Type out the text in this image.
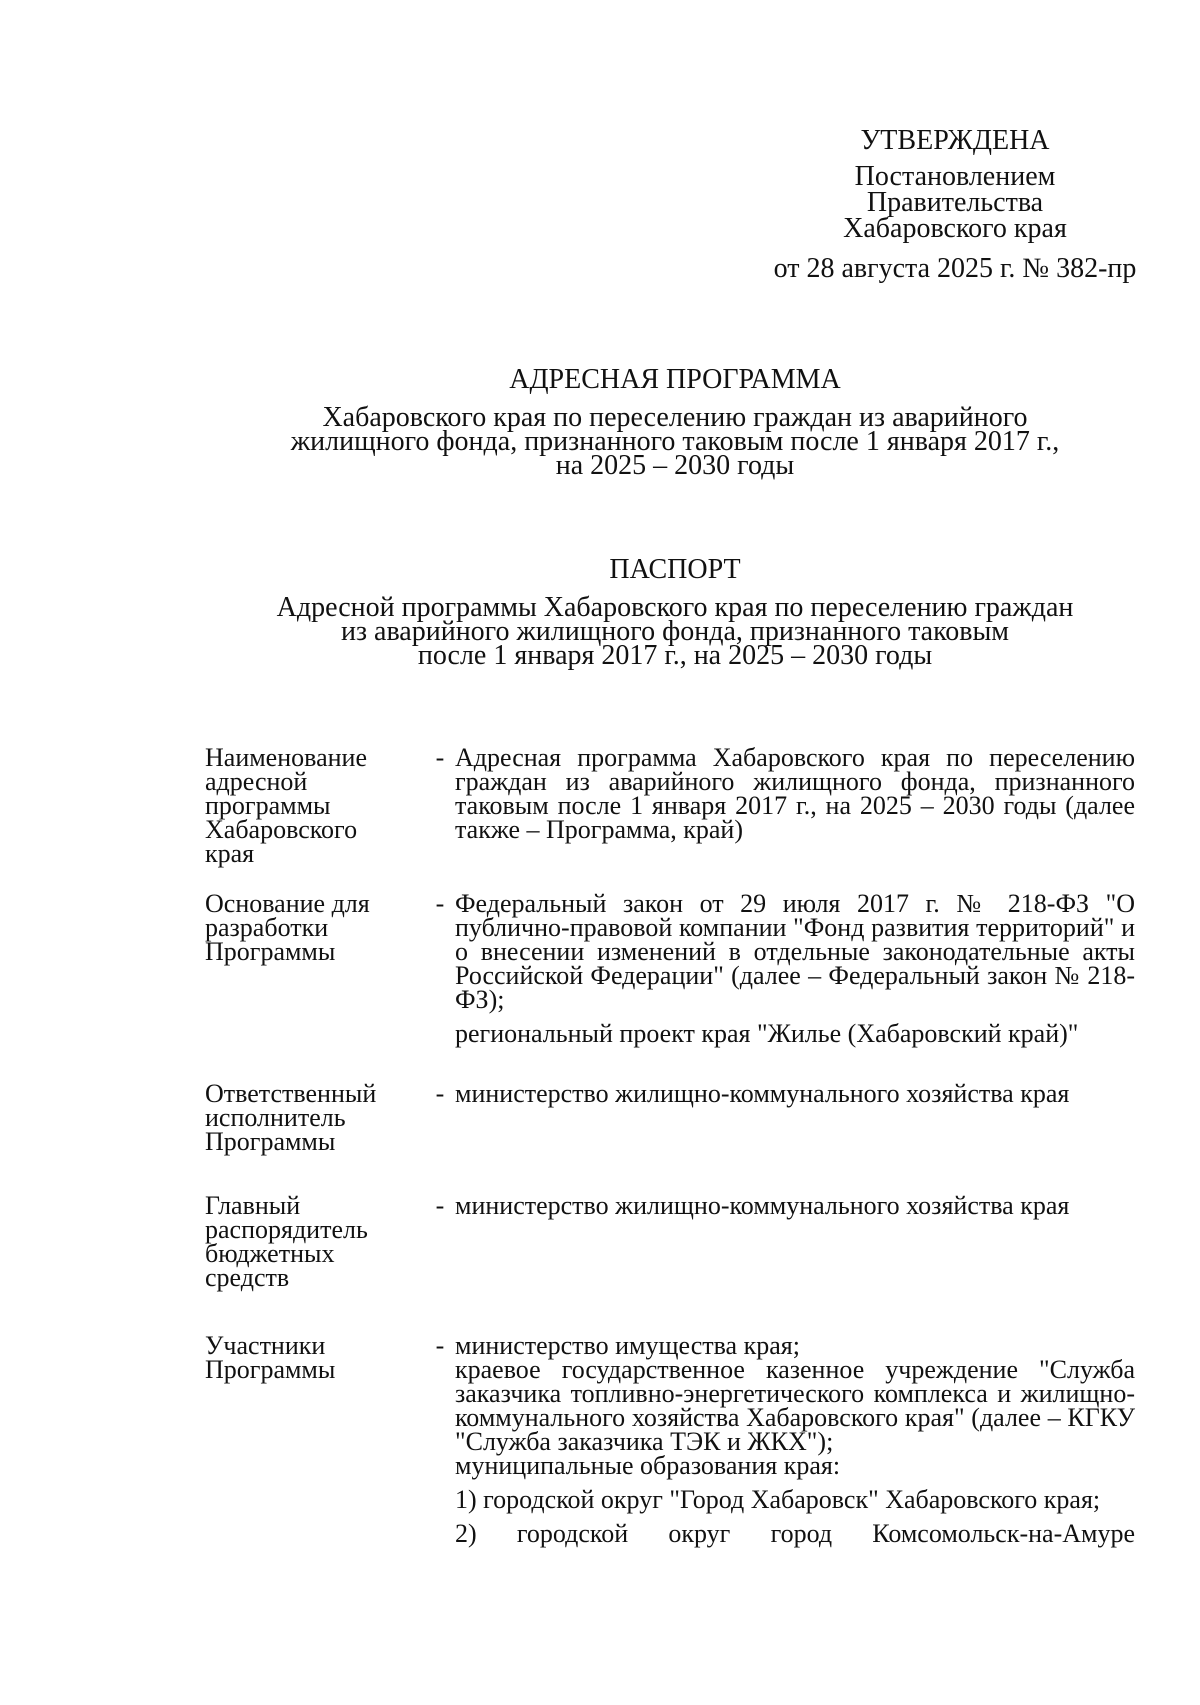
УТВЕРЖДЕНА
Постановлением
Правительства
Хабаровского края
от 28 августа 2025 г. № 382-пр
АДРЕСНАЯ ПРОГРАММА
Хабаровского края по переселению граждан из аварийного
жилищного фонда, признанного таковым после 1 января 2017 г.,
на 2025 – 2030 годы
ПАСПОРТ
Адресной программы Хабаровского края по переселению граждан
из аварийного жилищного фонда, признанного таковым
после 1 января 2017 г., на 2025 – 2030 годы
Наименование
адресной
программы
Хабаровского
края
- Адресная программа Хабаровского края по переселению граждан из аварийного жилищного фонда, признанного таковым после 1 января 2017 г., на 2025 – 2030 годы (далее также – Программа, край)

Основание для
разработки
Программы
- Федеральный закон от 29 июля 2017 г. № 218-ФЗ "О публично-правовой компании "Фонд развития территорий" и о внесении изменений в отдельные законодательные акты Российской Федерации" (далее – Федеральный закон № 218-ФЗ);

региональный проект края "Жилье (Хабаровский край)"

Ответственный
исполнитель
Программы
- министерство жилищно-коммунального хозяйства края

Главный
распорядитель
бюджетных
средств
- министерство жилищно-коммунального хозяйства края

Участники
Программы
- министерство имущества края;

краевое государственное казенное учреждение "Служба заказчика топливно-энергетического комплекса и жилищно-коммунального хозяйства Хабаровского края" (далее – КГКУ "Служба заказчика ТЭК и ЖКХ");

муниципальные образования края:

1) городской округ "Город Хабаровск" Хабаровского края;

2) городской округ город Комсомольск-на-Амуре
